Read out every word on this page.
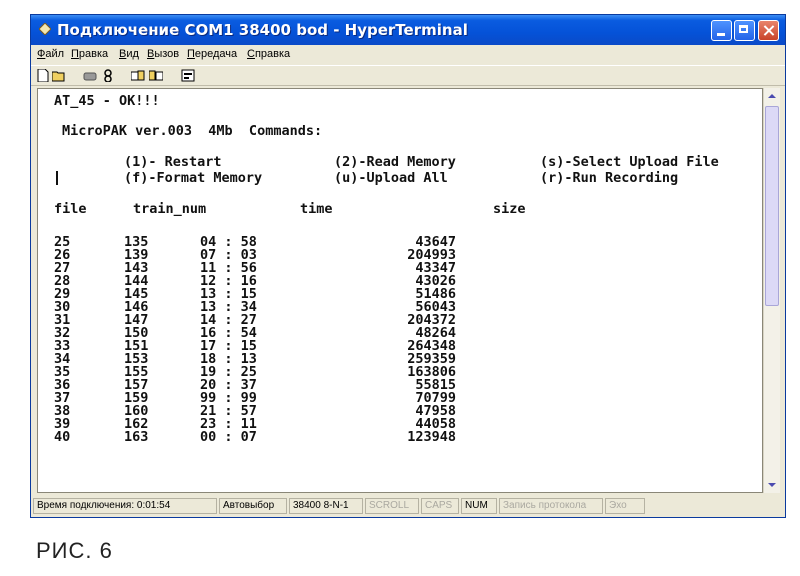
Подключение COM1 38400 bod - HyperTerminal
Файл Правка Вид Вызов Передача Справка
AT_45 - OK!!!
MicroPAK ver.003  4Mb  Commands:
(1)- Restart	(2)-Read Memory	(s)-Select Upload File
(f)-Format Memory	(u)-Upload All	(r)-Run Recording
file	train_num	time	size
25	135	04 : 58	43647
26	139	07 : 03	204993
27	143	11 : 56	43347
28	144	12 : 16	43026
29	145	13 : 15	51486
30	146	13 : 34	56043
31	147	14 : 27	204372
32	150	16 : 54	48264
33	151	17 : 15	264348
34	153	18 : 13	259359
35	155	19 : 25	163806
36	157	20 : 37	55815
37	159	99 : 99	70799
38	160	21 : 57	47958
39	162	23 : 11	44058
40	163	00 : 07	123948
Время подключения: 0:01:54	Автовыбор	38400 8-N-1	SCROLL	CAPS	NUM	Запись протокола	Эхо
РИС. 6
